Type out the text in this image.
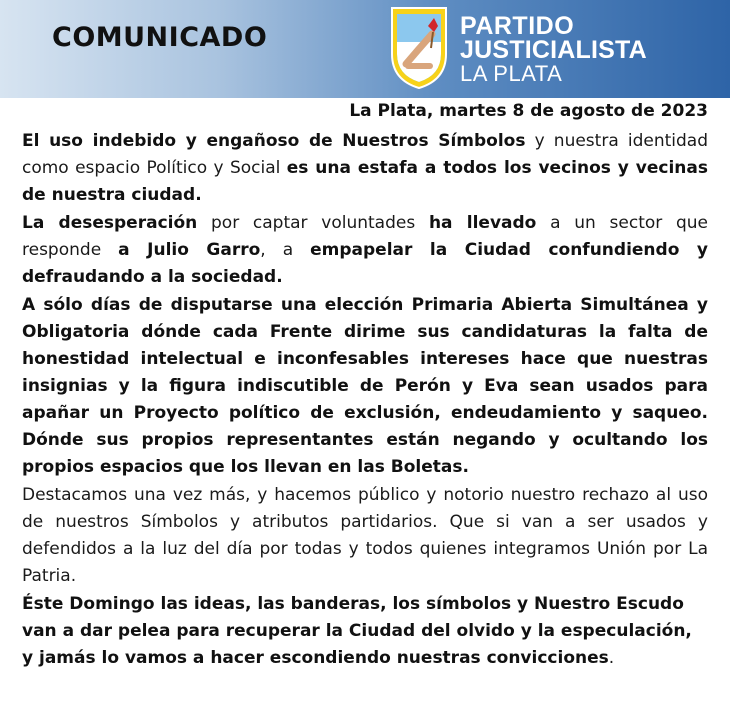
COMUNICADO	PARTIDO
JUSTICIALISTA
LA PLATA
La Plata, martes 8 de agosto de 2023

El uso indebido y engañoso de Nuestros Símbolos y nuestra identidad como espacio Político y Social es una estafa a todos los vecinos y vecinas de nuestra ciudad.

La desesperación por captar voluntades ha llevado a un sector que responde a Julio Garro, a empapelar la Ciudad confundiendo y defraudando a la sociedad.

A sólo días de disputarse una elección Primaria Abierta Simultánea y Obligatoria dónde cada Frente dirime sus candidaturas la falta de honestidad intelectual e inconfesables intereses hace que nuestras insignias y la figura indiscutible de Perón y Eva sean usados para apañar un Proyecto político de exclusión, endeudamiento y saqueo. Dónde sus propios representantes están negando y ocultando los propios espacios que los llevan en las Boletas.

Destacamos una vez más, y hacemos público y notorio nuestro rechazo al uso de nuestros Símbolos y atributos partidarios. Que si van a ser usados y defendidos a la luz del día por todas y todos quienes integramos Unión por La Patria.

Éste Domingo las ideas, las banderas, los símbolos y Nuestro Escudo van a dar pelea para recuperar la Ciudad del olvido y la especulación, y jamás lo vamos a hacer escondiendo nuestras convicciones.
